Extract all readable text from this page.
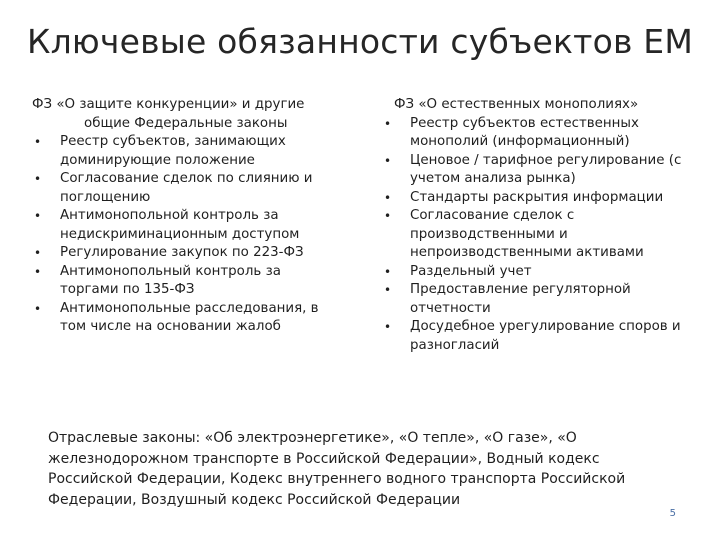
Ключевые обязанности субъектов ЕМ
ФЗ «О защите конкуренции» и другие
общие Федеральные законы
• Реестр субъектов, занимающих доминирующие положение
• Согласование сделок по слиянию и поглощению
• Антимонопольной контроль за недискриминационным доступом
• Регулирование закупок по 223-ФЗ
• Антимонопольный контроль за торгами по 135-ФЗ
• Антимонопольные расследования, в том числе на основании жалоб
ФЗ «О естественных монополиях»
• Реестр субъектов естественных монополий (информационный)
• Ценовое / тарифное регулирование (с учетом анализа рынка)
• Стандарты раскрытия информации
• Согласование сделок с производственными и непроизводственными активами
• Раздельный учет
• Предоставление регуляторной отчетности
• Досудебное урегулирование споров и разногласий
Отраслевые законы: «Об электроэнергетике», «О тепле», «О газе», «О железнодорожном транспорте в Российской Федерации», Водный кодекс Российской Федерации, Кодекс внутреннего водного транспорта Российской Федерации, Воздушный кодекс Российской Федерации
5
